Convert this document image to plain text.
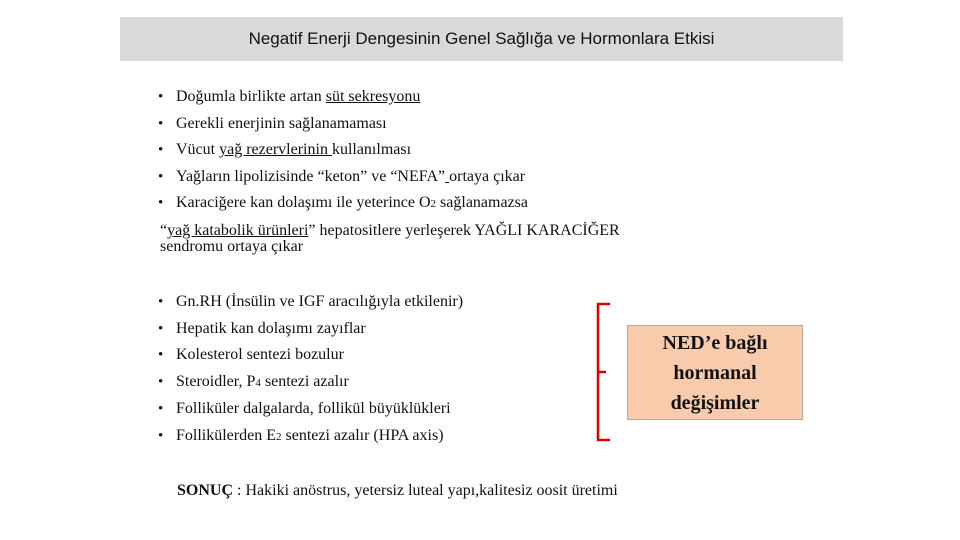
Negatif Enerji Dengesinin Genel Sağlığa ve Hormonlara Etkisi
• Doğumla birlikte artan süt sekresyonu
• Gerekli enerjinin sağlanamaması
• Vücut yağ rezervlerinin kullanılması
• Yağların lipolizisinde “keton” ve “NEFA” ortaya çıkar
• Karaciğere kan dolaşımı ile yeterince O2 sağlanamazsa
“yağ katabolik ürünleri” hepatositlere yerleşerek YAĞLI KARACİĞER
sendromu ortaya çıkar
• Gn.RH (İnsülin ve IGF aracılığıyla etkilenir)
• Hepatik kan dolaşımı zayıflar
• Kolesterol sentezi bozulur
• Steroidler, P4 sentezi azalır
• Folliküler dalgalarda, follikül büyüklükleri
• Follikülerden E2 sentezi azalır (HPA axis)
NED’e bağlı
hormanal
değişimler
SONUÇ : Hakiki anöstrus, yetersiz luteal yapı,kalitesiz oosit üretimi
